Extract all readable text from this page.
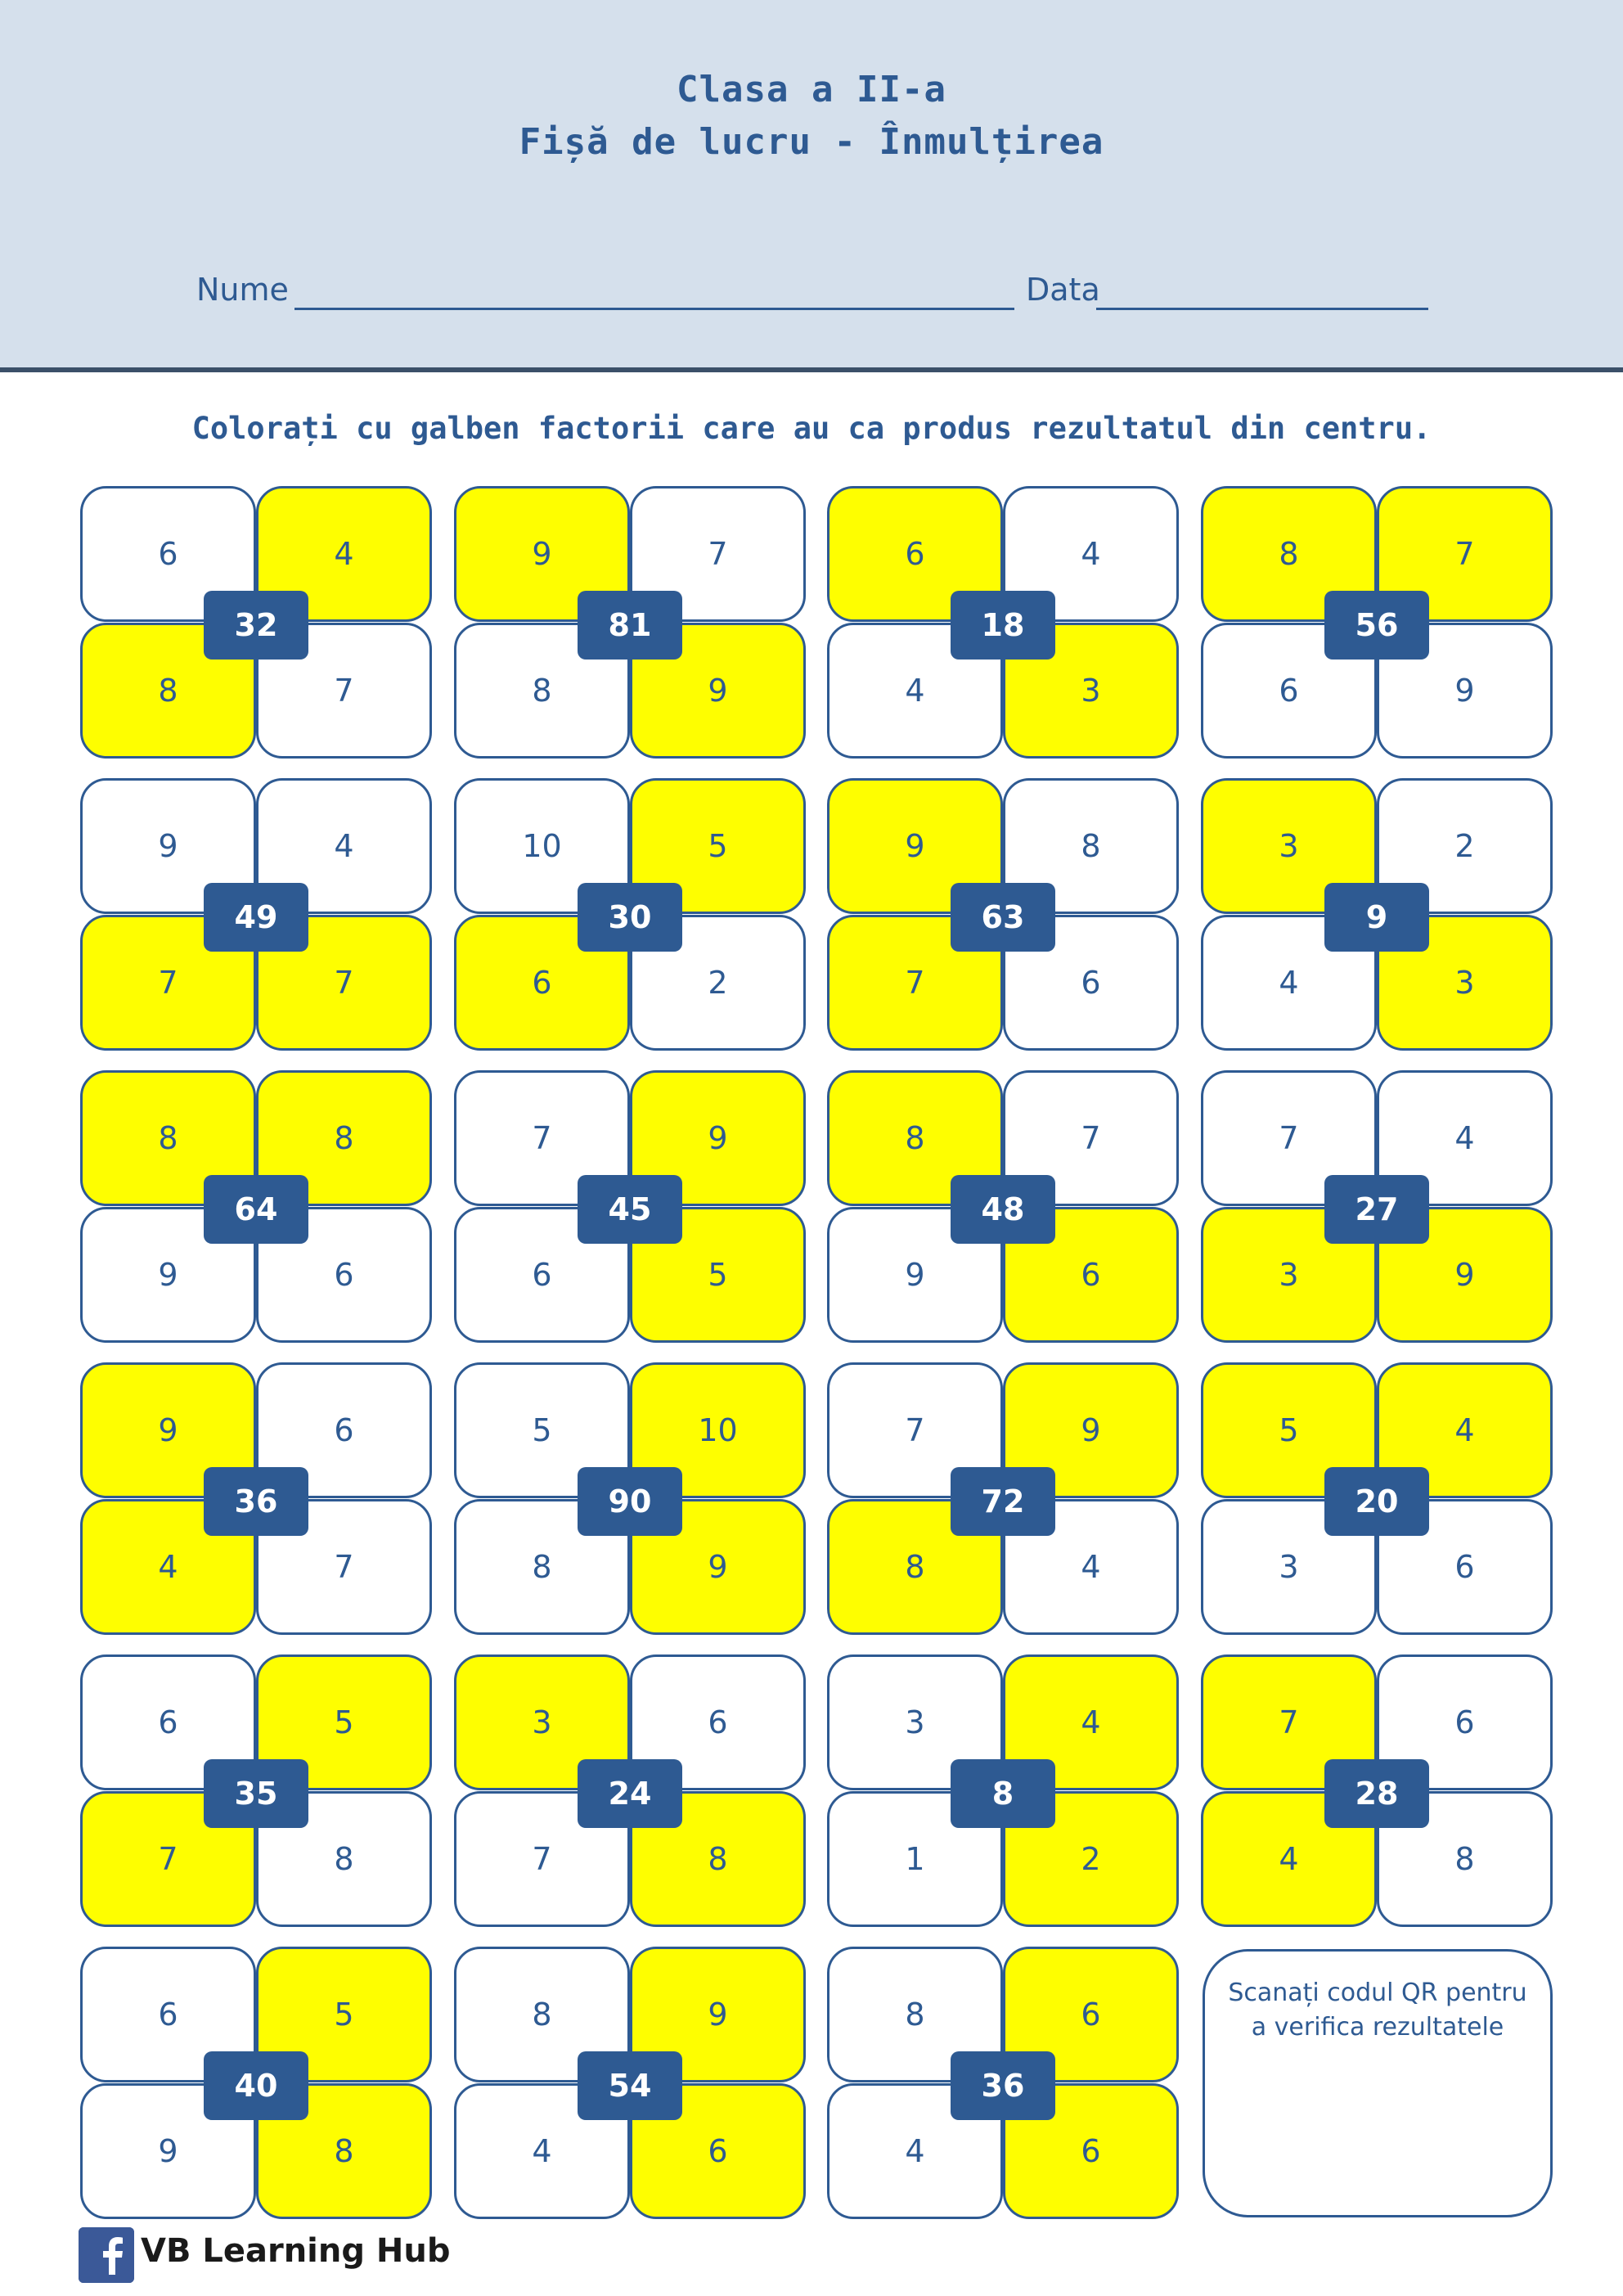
Clasa a II-a
Fișă de lucru - Înmulțirea
Nume	Data
Colorați cu galben factorii care au ca produs rezultatul din centru.
6	4
8	7
32
9	7
8	9
81
6	4
4	3
18
8	7
6	9
56
9	4
7	7
49
10	5
6	2
30
9	8
7	6
63
3	2
4	3
9
8	8
9	6
64
7	9
6	5
45
8	7
9	6
48
7	4
3	9
27
9	6
4	7
36
5	10
8	9
90
7	9
8	4
72
5	4
3	6
20
6	5
7	8
35
3	6
7	8
24
3	4
1	2
8
7	6
4	8
28
6	5
9	8
40
8	9
4	6
54
8	6
4	6
36
Scanați codul QR pentru
a verifica rezultatele
VB Learning Hub
